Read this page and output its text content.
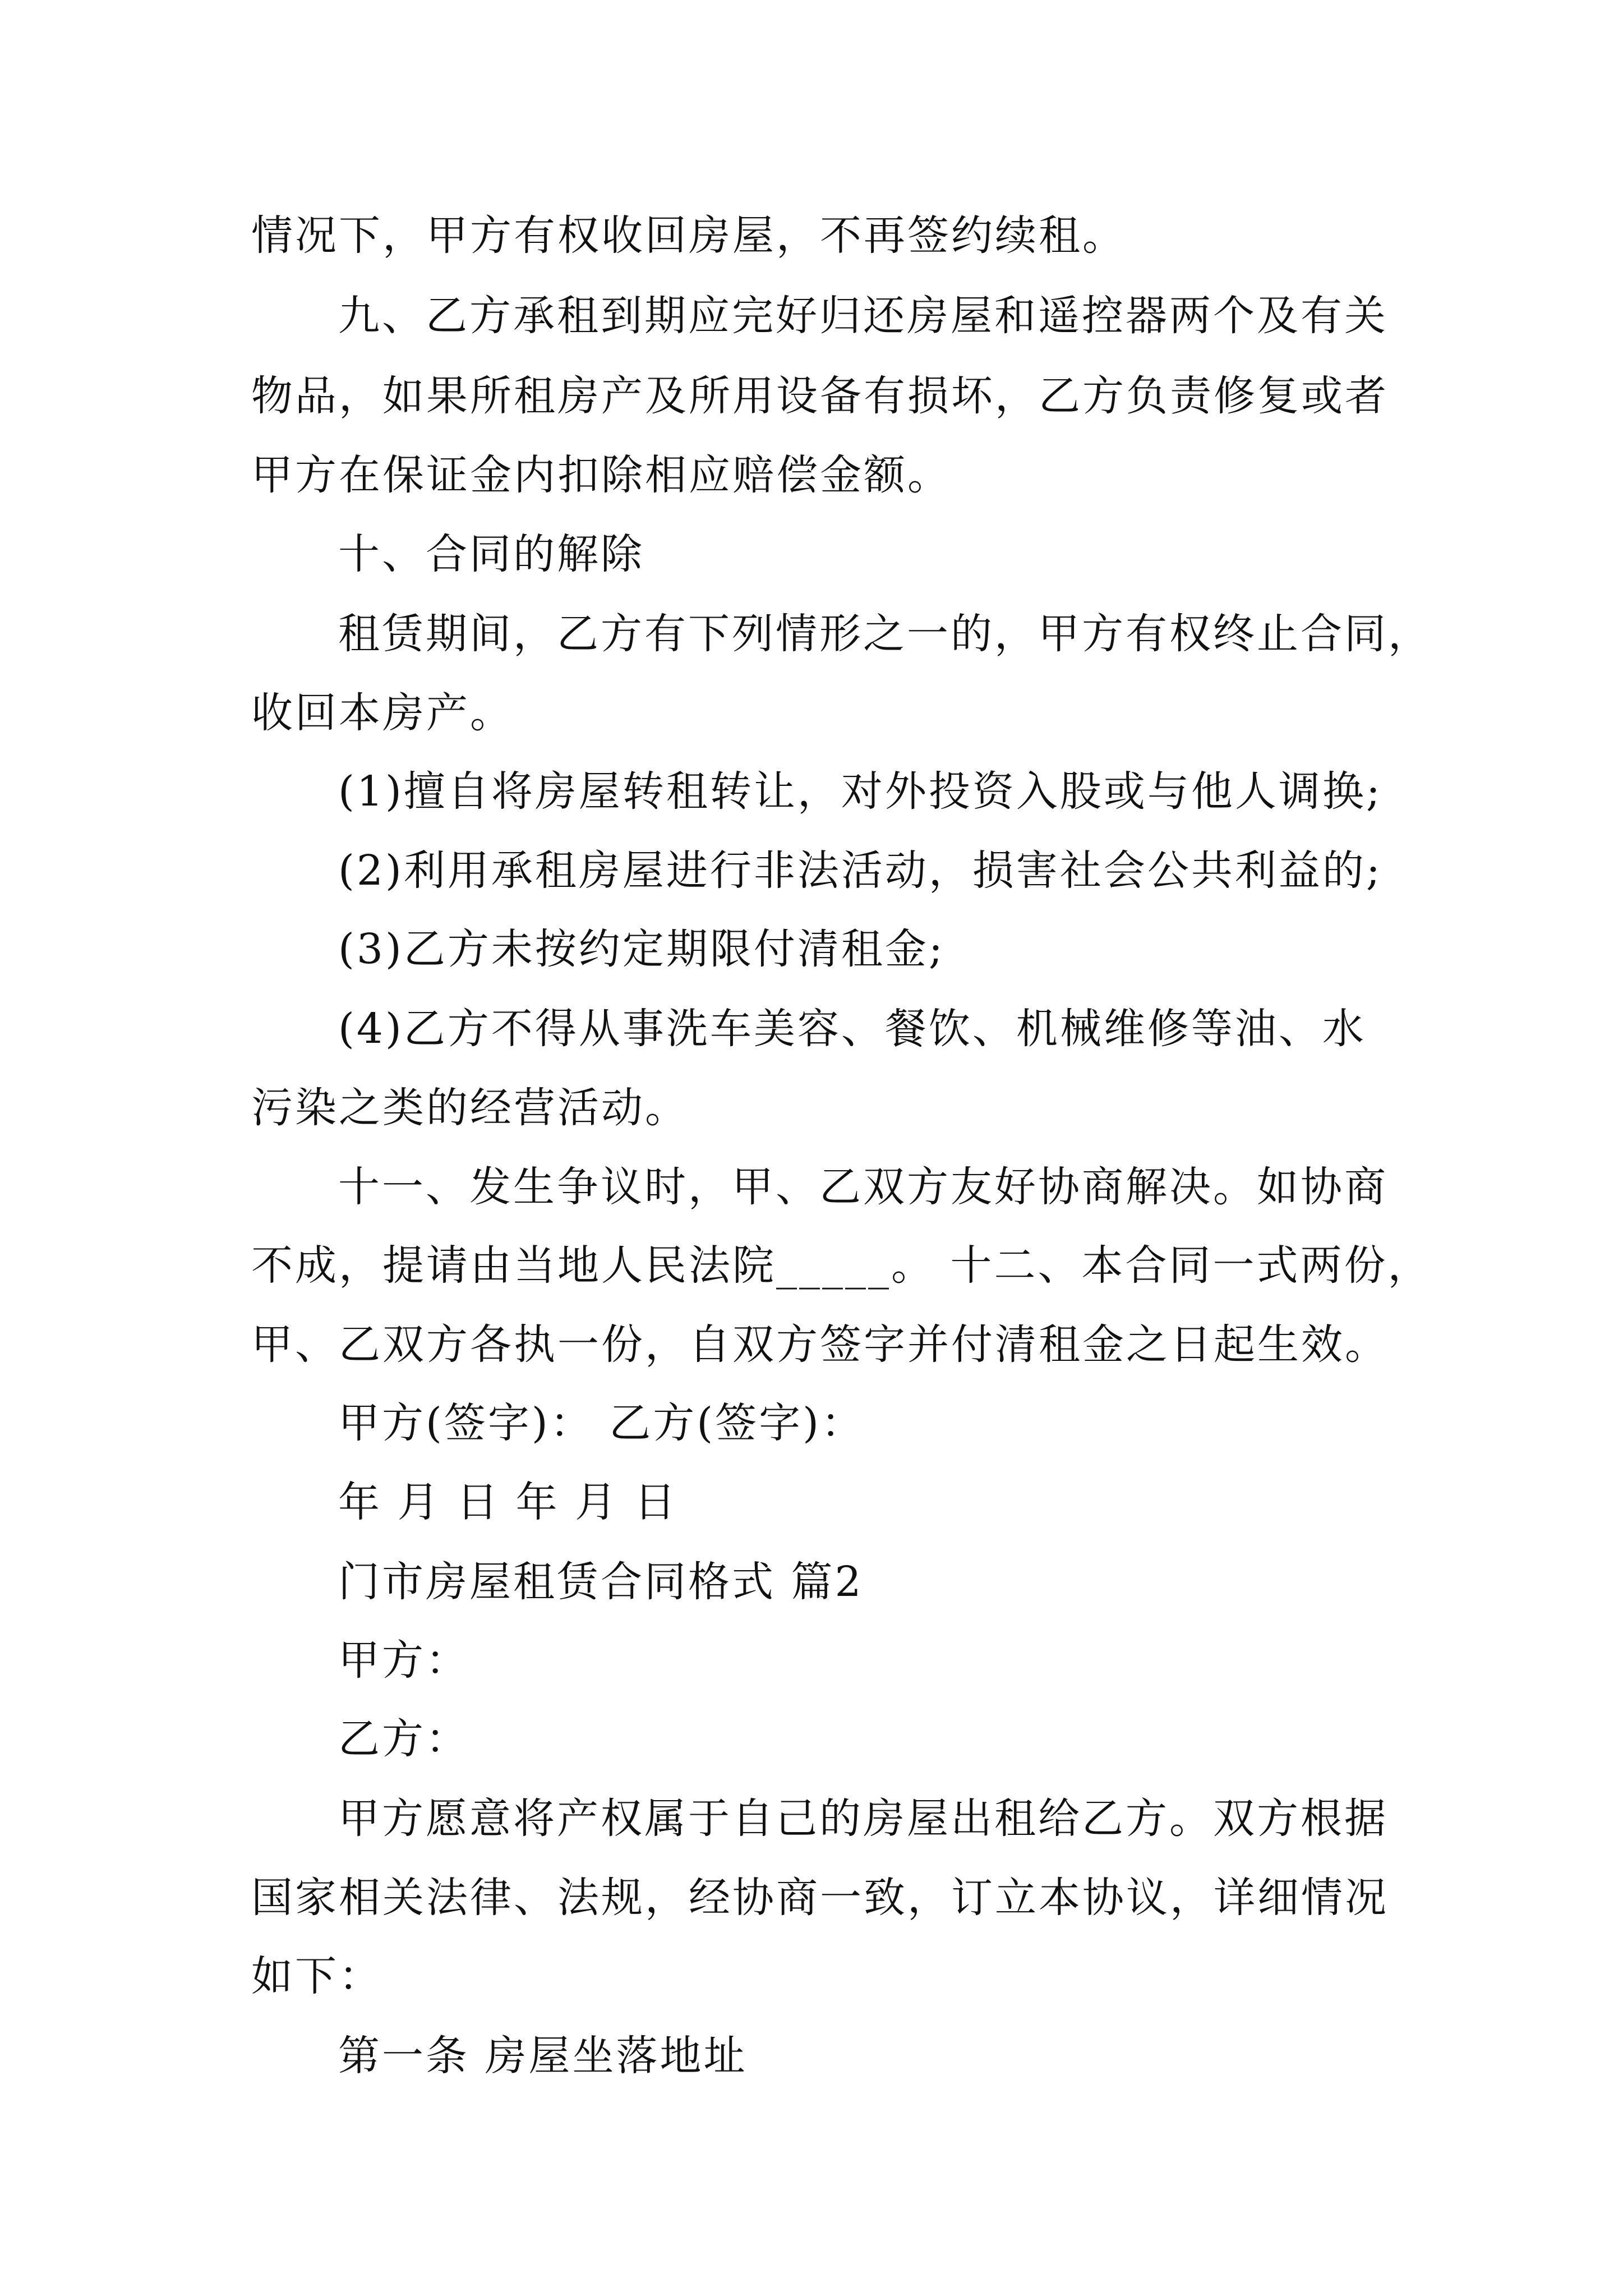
情况下，甲方有权收回房屋，不再签约续租。
九、乙方承租到期应完好归还房屋和遥控器两个及有关
物品，如果所租房产及所用设备有损坏，乙方负责修复或者
甲方在保证金内扣除相应赔偿金额。
十、合同的解除
租赁期间，乙方有下列情形之一的，甲方有权终止合同，
收回本房产。
(1)擅自将房屋转租转让，对外投资入股或与他人调换;
(2)利用承租房屋进行非法活动，损害社会公共利益的;
(3)乙方未按约定期限付清租金;
(4)乙方不得从事洗车美容、餐饮、机械维修等油、水
污染之类的经营活动。
十一、发生争议时，甲、乙双方友好协商解决。如协商
不成，提请由当地人民法院_____。 十二、本合同一式两份，
甲、乙双方各执一份，自双方签字并付清租金之日起生效。
甲方(签字)： 乙方(签字)：
年 月 日 年 月 日
门市房屋租赁合同格式 篇2
甲方：
乙方：
甲方愿意将产权属于自己的房屋出租给乙方。双方根据
国家相关法律、法规，经协商一致，订立本协议，详细情况
如下：
第一条 房屋坐落地址
